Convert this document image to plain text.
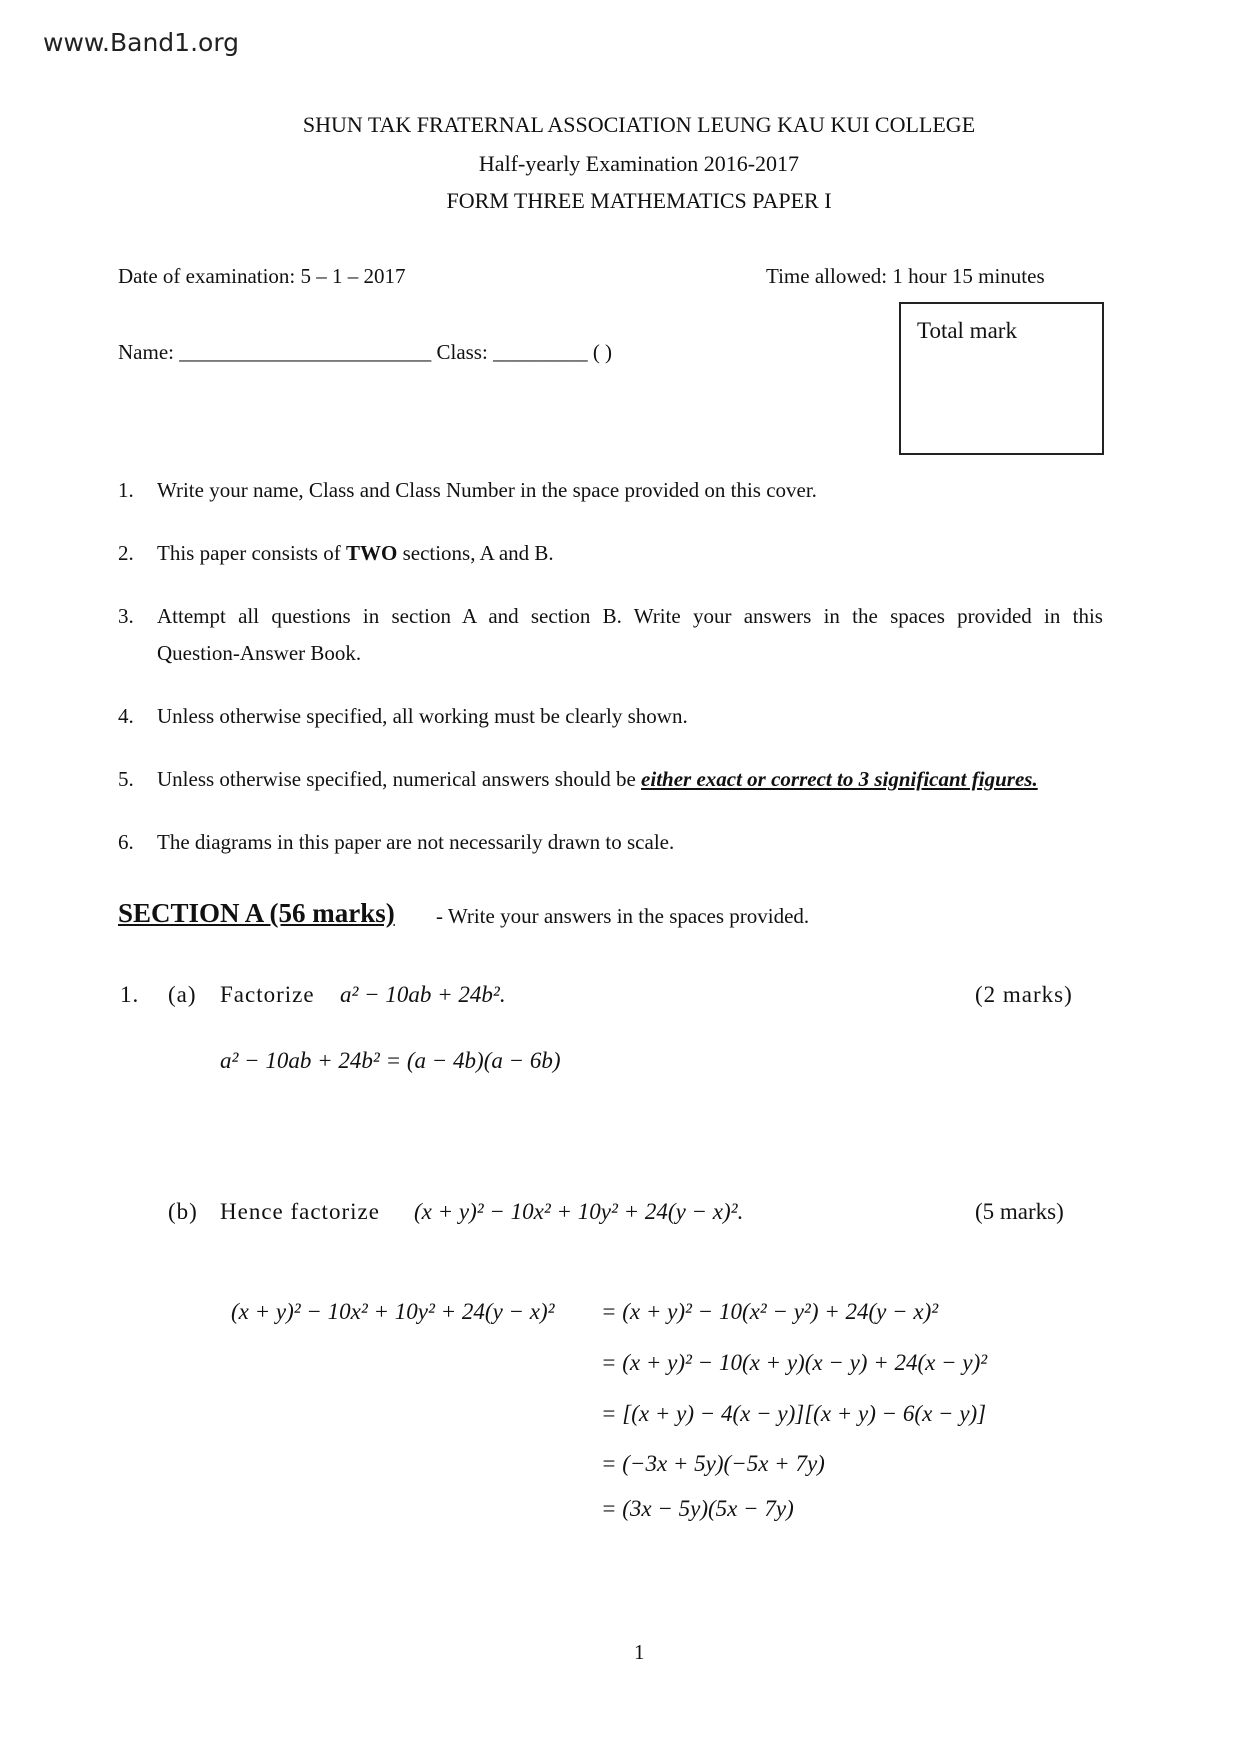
www.Band1.org
SHUN TAK FRATERNAL ASSOCIATION LEUNG KAU KUI COLLEGE
Half-yearly Examination 2016-2017
FORM THREE MATHEMATICS PAPER I
Date of examination: 5 – 1 – 2017	Time allowed: 1 hour 15 minutes
Name: ________________________ Class: _________ ( )
Total mark
1. Write your name, Class and Class Number in the space provided on this cover.
2. This paper consists of TWO sections, A and B.
3. Attempt all questions in section A and section B. Write your answers in the spaces provided in this
Question-Answer Book.
4. Unless otherwise specified, all working must be clearly shown.
5. Unless otherwise specified, numerical answers should be either exact or correct to 3 significant figures.
6. The diagrams in this paper are not necessarily drawn to scale.
SECTION A (56 marks) - Write your answers in the spaces provided.
1. (a) Factorize a² − 10ab + 24b².	(2 marks)
a² − 10ab + 24b² = (a − 4b)(a − 6b)
(b) Hence factorize (x + y)² − 10x² + 10y² + 24(y − x)².	(5 marks)
(x + y)² − 10x² + 10y² + 24(y − x)² = (x + y)² − 10(x² − y²) + 24(y − x)²
= (x + y)² − 10(x + y)(x − y) + 24(x − y)²
= [(x + y) − 4(x − y)][(x + y) − 6(x − y)]
= (−3x + 5y)(−5x + 7y)
= (3x − 5y)(5x − 7y)
1
